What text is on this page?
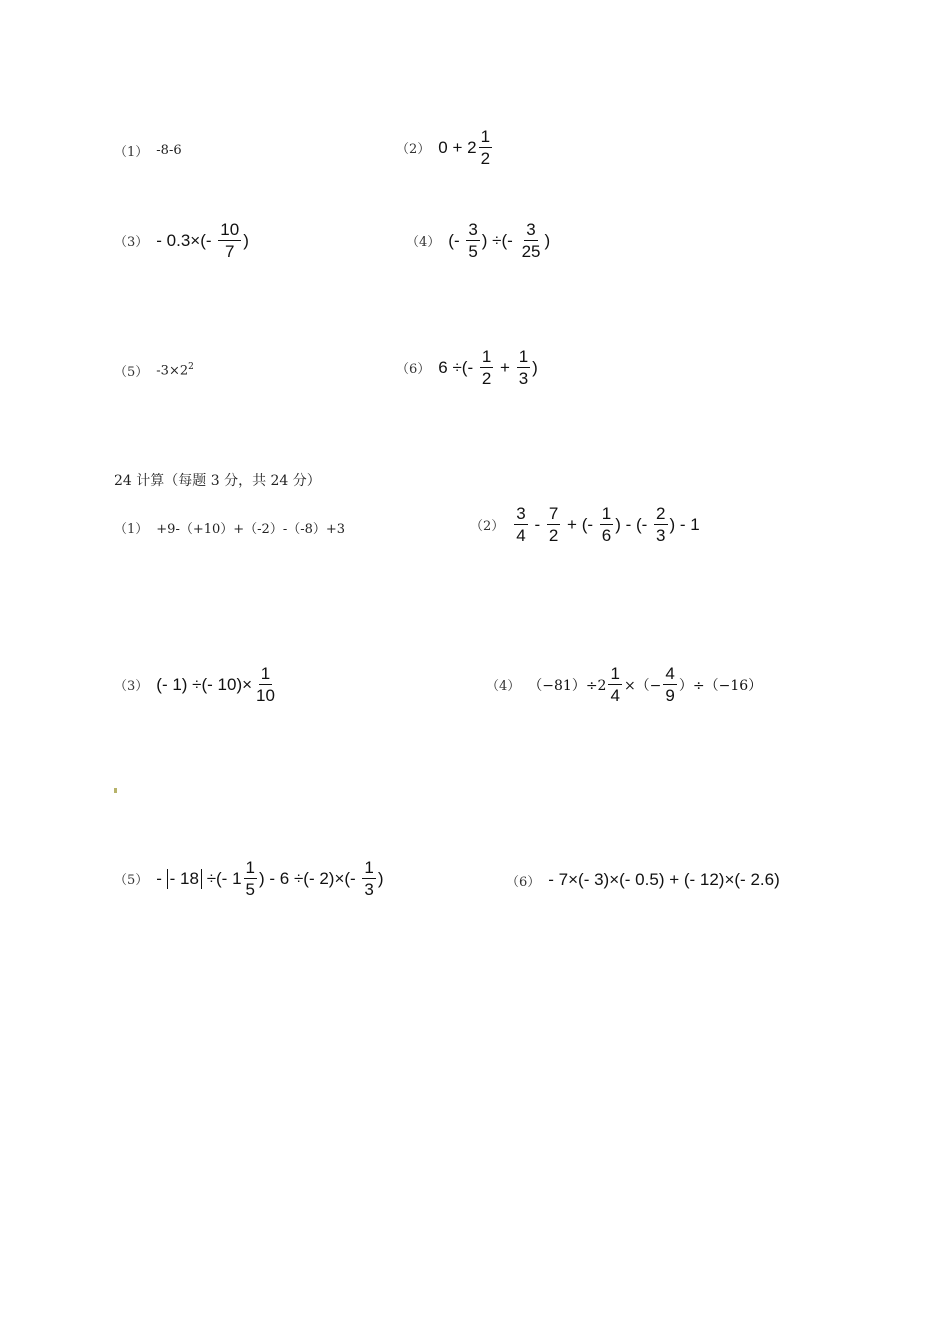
（1） -8-6	（2） $0 + 2 \frac{1}{2}$
$(3) - 0.3\times(- \frac{10}{7}$ )	（4） (- $\frac{3}{5}$ ) ÷(- $\frac{3}{25}$ )
（5） $-3\times 2^2$	（6） 6 ÷(- $\frac{1}{2} + \frac{1}{3}$ )
24 计算（每题 3 分，共 24 分）
（1） +9-（+10）+（-2）-（-8）+3	$(2) \frac{3}{4} - \frac{7}{2}$ + (- $\frac{1}{6}$ ) - (- $\frac{2}{3}$ ) - 1
（3） (- 1) ÷(- $10)\times \frac{1}{10}$	（4） $(-81)\div 2 \frac{1}{4}$ ×（− $\frac{4}{9} )\div(-16)$
（5） - - 18 ÷(- $1 \frac{1}{5}$ ) - 6 ÷(- $2)\times(- \frac{1}{3}$ )	（6） - 7×(- 3)×(- 0.5) + (- 12)×(- 2.6)
